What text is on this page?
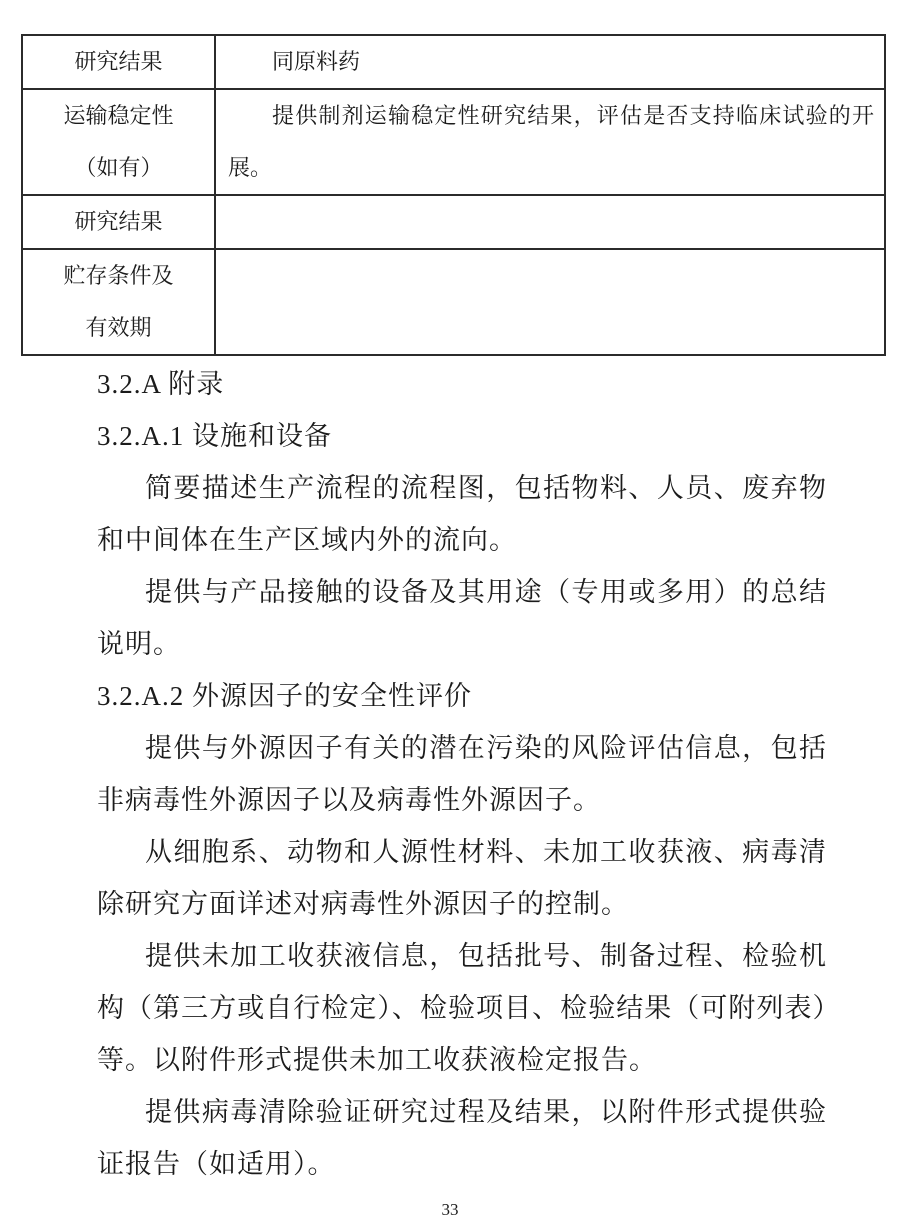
研究结果	同原料药

运输稳定性
（如有）	提供制剂运输稳定性研究结果，评估是否支持临床试验的开展。

研究结果	

贮存条件及
有效期	

3.2.A 附录

3.2.A.1 设施和设备

简要描述生产流程的流程图，包括物料、人员、废弃物和中间体在生产区域内外的流向。

提供与产品接触的设备及其用途（专用或多用）的总结说明。

3.2.A.2 外源因子的安全性评价

提供与外源因子有关的潜在污染的风险评估信息，包括非病毒性外源因子以及病毒性外源因子。

从细胞系、动物和人源性材料、未加工收获液、病毒清除研究方面详述对病毒性外源因子的控制。

提供未加工收获液信息，包括批号、制备过程、检验机构（第三方或自行检定）、检验项目、检验结果（可附列表）等。以附件形式提供未加工收获液检定报告。

提供病毒清除验证研究过程及结果，以附件形式提供验证报告（如适用）。

33
